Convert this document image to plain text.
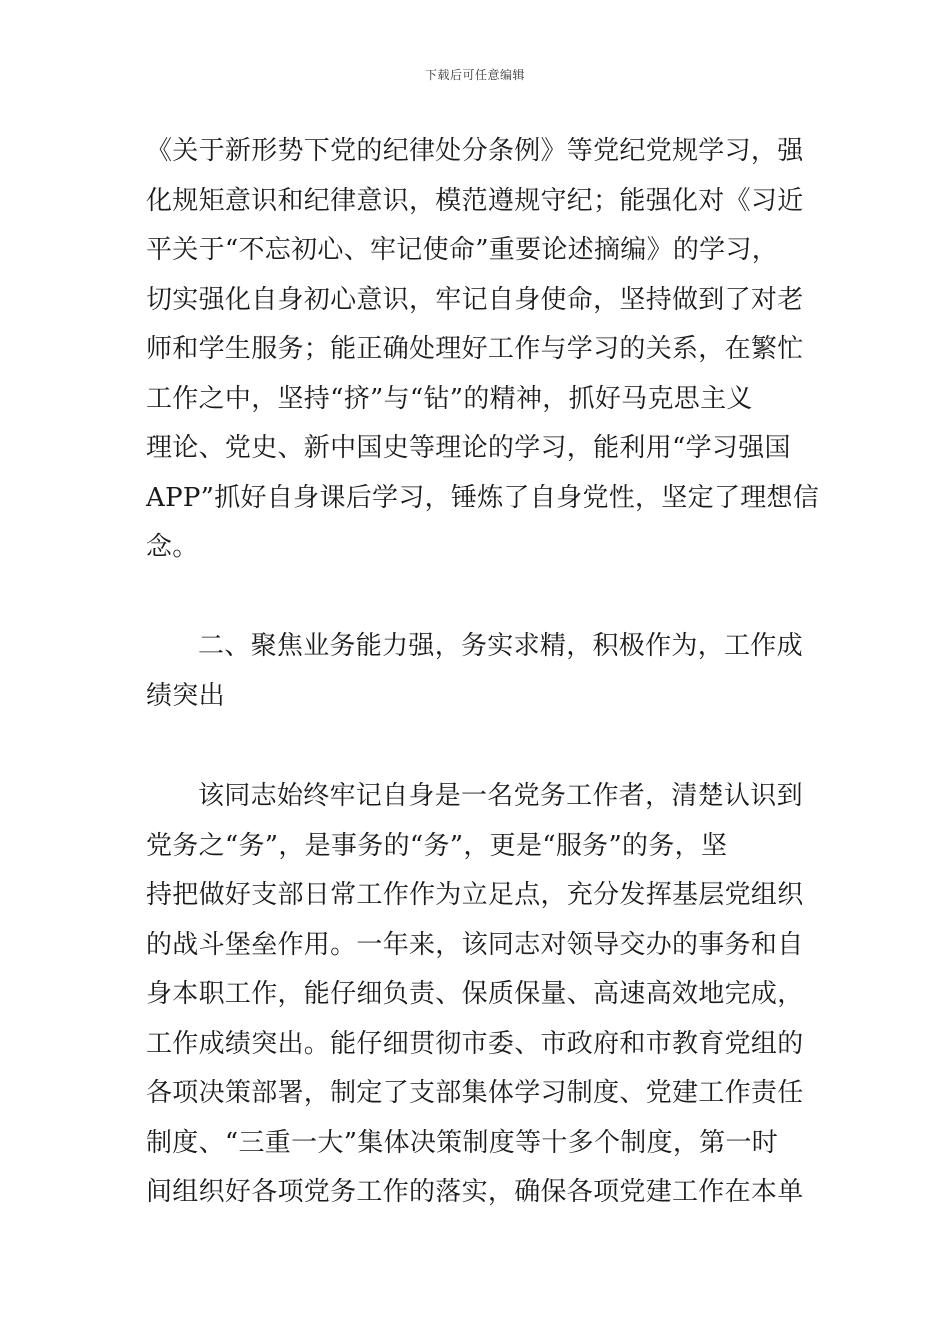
下载后可任意编辑
《关于新形势下党的纪律处分条例》等党纪党规学习，强
化规矩意识和纪律意识，模范遵规守纪；能强化对《习近
平关于“不忘初心、牢记使命”重要论述摘编》的学习，
切实强化自身初心意识，牢记自身使命，坚持做到了对老
师和学生服务；能正确处理好工作与学习的关系，在繁忙
工作之中，坚持“挤”与“钻”的精神，抓好马克思主义
理论、党史、新中国史等理论的学习，能利用“学习强国
APP”抓好自身课后学习，锤炼了自身党性，坚定了理想信
念。
二、聚焦业务能力强，务实求精，积极作为，工作成
绩突出
该同志始终牢记自身是一名党务工作者，清楚认识到
党务之“务”，是事务的“务”，更是“服务”的务，坚
持把做好支部日常工作作为立足点，充分发挥基层党组织
的战斗堡垒作用。一年来，该同志对领导交办的事务和自
身本职工作，能仔细负责、保质保量、高速高效地完成，
工作成绩突出。能仔细贯彻市委、市政府和市教育党组的
各项决策部署，制定了支部集体学习制度、党建工作责任
制度、“三重一大”集体决策制度等十多个制度，第一时
间组织好各项党务工作的落实，确保各项党建工作在本单
